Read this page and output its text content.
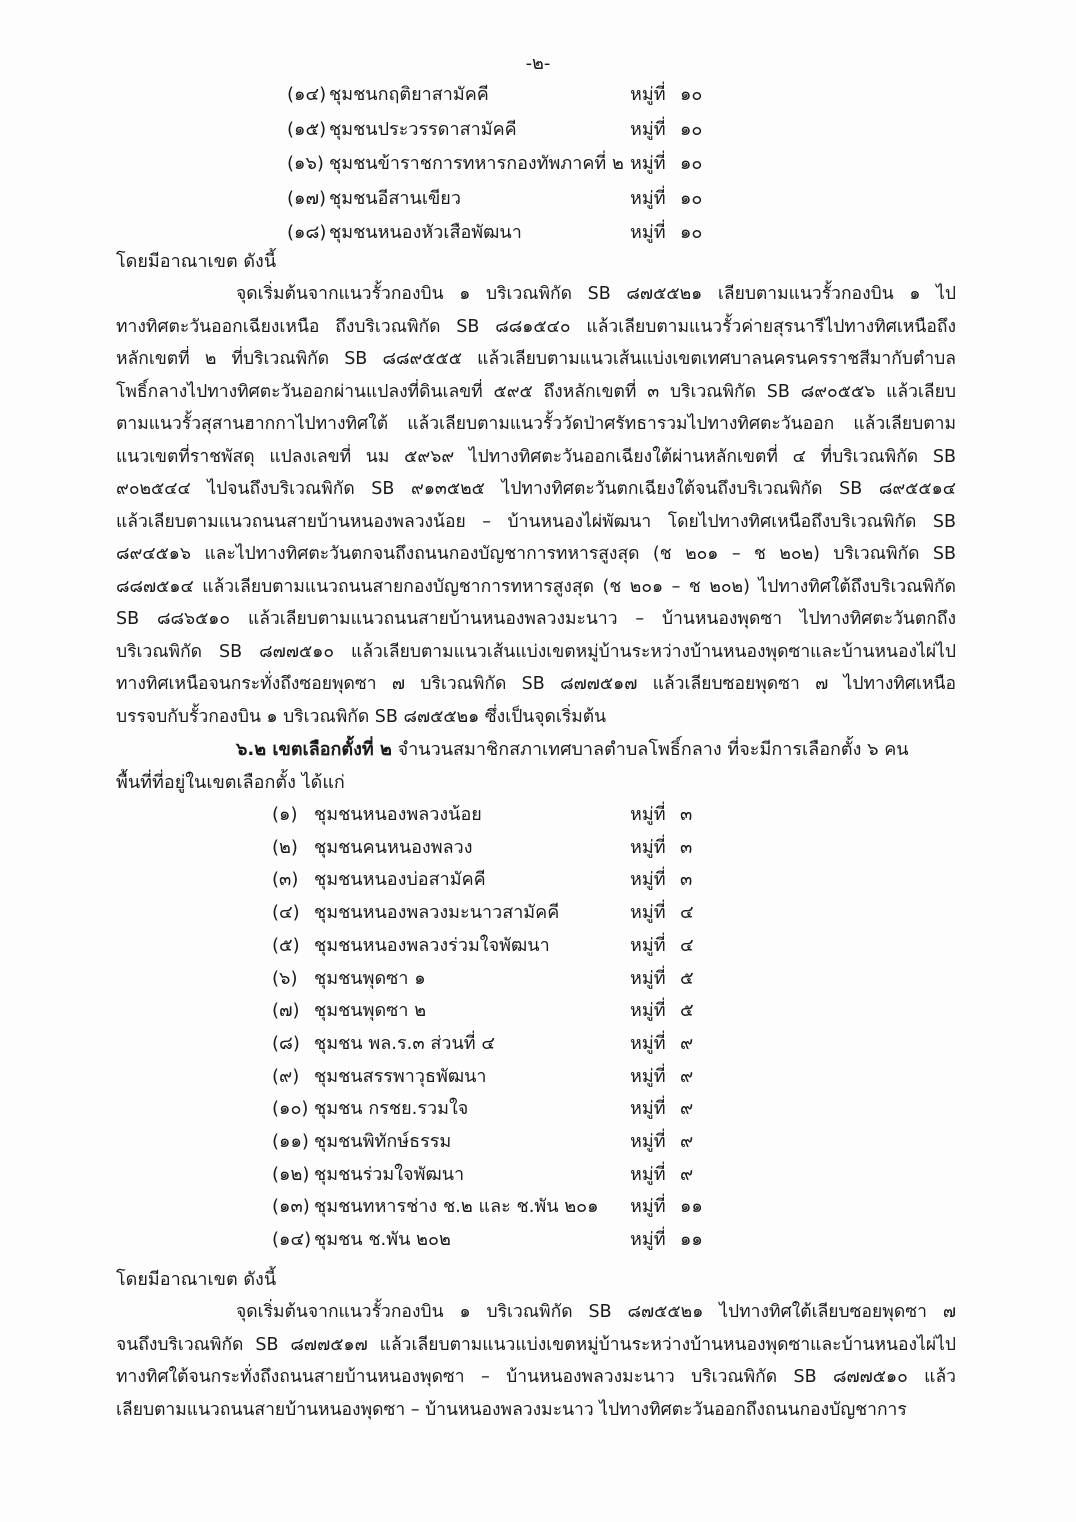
-๒-
(๑๔) ชุมชนกฤติยาสามัคคี	หมู่ที่ ๑๐
(๑๕) ชุมชนประวรรดาสามัคคี	หมู่ที่ ๑๐
(๑๖) ชุมชนข้าราชการทหารกองทัพภาคที่ ๒ หมู่ที่ ๑๐
(๑๗) ชุมชนอีสานเขียว	หมู่ที่ ๑๐
(๑๘) ชุมชนหนองหัวเสือพัฒนา	หมู่ที่ ๑๐
โดยมีอาณาเขต ดังนี้
จุดเริ่มต้นจากแนวรั้วกองบิน ๑ บริเวณพิกัด SB ๘๗๕๕๒๑ เลียบตามแนวรั้วกองบิน ๑ ไป
ทางทิศตะวันออกเฉียงเหนือ ถึงบริเวณพิกัด SB ๘๘๑๕๔๐ แล้วเลียบตามแนวรั้วค่ายสุรนารีไปทางทิศเหนือถึง
หลักเขตที่ ๒ ที่บริเวณพิกัด SB ๘๘๙๕๕๕ แล้วเลียบตามแนวเส้นแบ่งเขตเทศบาลนครนครราชสีมากับตำบล
โพธิ์กลางไปทางทิศตะวันออกผ่านแปลงที่ดินเลขที่ ๕๙๕ ถึงหลักเขตที่ ๓ บริเวณพิกัด SB ๘๙๐๕๕๖ แล้วเลียบ
ตามแนวรั้วสุสานฮากกาไปทางทิศใต้ แล้วเลียบตามแนวรั้ววัดป่าศรัทธารวมไปทางทิศตะวันออก แล้วเลียบตาม
แนวเขตที่ราชพัสดุ แปลงเลขที่ นม ๕๙๖๙ ไปทางทิศตะวันออกเฉียงใต้ผ่านหลักเขตที่ ๔ ที่บริเวณพิกัด SB
๙๐๒๕๔๔ ไปจนถึงบริเวณพิกัด SB ๙๑๓๕๒๕ ไปทางทิศตะวันตกเฉียงใต้จนถึงบริเวณพิกัด SB ๘๙๕๕๑๔
แล้วเลียบตามแนวถนนสายบ้านหนองพลวงน้อย – บ้านหนองไผ่พัฒนา โดยไปทางทิศเหนือถึงบริเวณพิกัด SB
๘๙๔๕๑๖ และไปทางทิศตะวันตกจนถึงถนนกองบัญชาการทหารสูงสุด (ช ๒๐๑ – ช ๒๐๒) บริเวณพิกัด SB
๘๘๗๕๑๔ แล้วเลียบตามแนวถนนสายกองบัญชาการทหารสูงสุด (ช ๒๐๑ – ช ๒๐๒) ไปทางทิศใต้ถึงบริเวณพิกัด
SB ๘๘๖๕๑๐ แล้วเลียบตามแนวถนนสายบ้านหนองพลวงมะนาว – บ้านหนองพุดซา ไปทางทิศตะวันตกถึง
บริเวณพิกัด SB ๘๗๗๕๑๐ แล้วเลียบตามแนวเส้นแบ่งเขตหมู่บ้านระหว่างบ้านหนองพุดซาและบ้านหนองไผ่ไป
ทางทิศเหนือจนกระทั่งถึงซอยพุดซา ๗ บริเวณพิกัด SB ๘๗๗๕๑๗ แล้วเลียบซอยพุดซา ๗ ไปทางทิศเหนือ
บรรจบกับรั้วกองบิน ๑ บริเวณพิกัด SB ๘๗๕๕๒๑ ซึ่งเป็นจุดเริ่มต้น
๖.๒ เขตเลือกตั้งที่ ๒ จำนวนสมาชิกสภาเทศบาลตำบลโพธิ์กลาง ที่จะมีการเลือกตั้ง ๖ คน
พื้นที่ที่อยู่ในเขตเลือกตั้ง ได้แก่
(๑) ชุมชนหนองพลวงน้อย	หมู่ที่ ๓
(๒) ชุมชนคนหนองพลวง	หมู่ที่ ๓
(๓) ชุมชนหนองบ่อสามัคคี	หมู่ที่ ๓
(๔) ชุมชนหนองพลวงมะนาวสามัคคี	หมู่ที่ ๔
(๕) ชุมชนหนองพลวงร่วมใจพัฒนา	หมู่ที่ ๔
(๖) ชุมชนพุดซา ๑	หมู่ที่ ๕
(๗) ชุมชนพุดซา ๒	หมู่ที่ ๕
(๘) ชุมชน พล.ร.๓ ส่วนที่ ๔	หมู่ที่ ๙
(๙) ชุมชนสรรพาวุธพัฒนา	หมู่ที่ ๙
(๑๐) ชุมชน กรชย.รวมใจ	หมู่ที่ ๙
(๑๑) ชุมชนพิทักษ์ธรรม	หมู่ที่ ๙
(๑๒) ชุมชนร่วมใจพัฒนา	หมู่ที่ ๙
(๑๓) ชุมชนทหารช่าง ช.๒ และ ช.พัน ๒๐๑ หมู่ที่ ๑๑
(๑๔) ชุมชน ช.พัน ๒๐๒	หมู่ที่ ๑๑
โดยมีอาณาเขต ดังนี้
จุดเริ่มต้นจากแนวรั้วกองบิน ๑ บริเวณพิกัด SB ๘๗๕๕๒๑ ไปทางทิศใต้เลียบซอยพุดซา ๗
จนถึงบริเวณพิกัด SB ๘๗๗๕๑๗ แล้วเลียบตามแนวแบ่งเขตหมู่บ้านระหว่างบ้านหนองพุดซาและบ้านหนองไผ่ไป
ทางทิศใต้จนกระทั่งถึงถนนสายบ้านหนองพุดซา – บ้านหนองพลวงมะนาว บริเวณพิกัด SB ๘๗๗๕๑๐ แล้ว
เลียบตามแนวถนนสายบ้านหนองพุดซา – บ้านหนองพลวงมะนาว ไปทางทิศตะวันออกถึงถนนกองบัญชาการ
